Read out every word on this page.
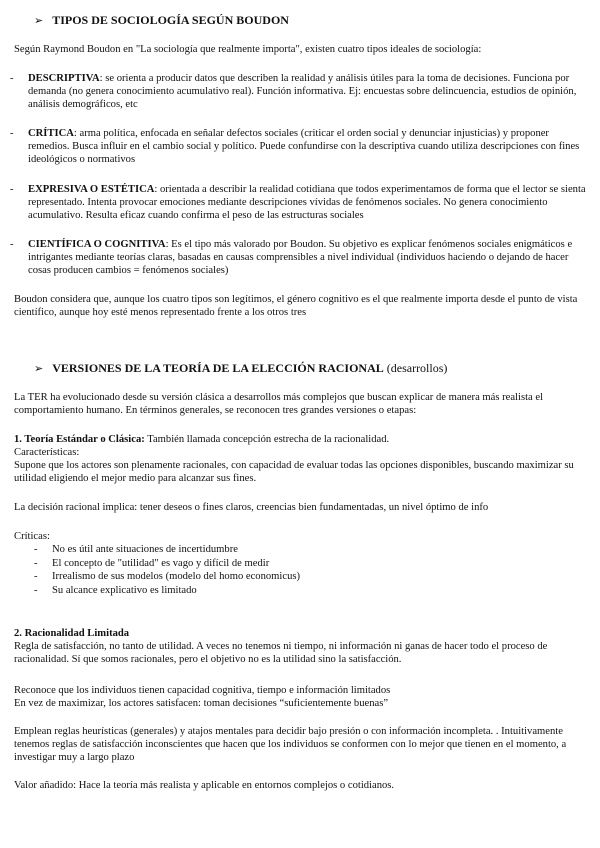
➢ TIPOS DE SOCIOLOGÍA SEGÚN BOUDON
Según Raymond Boudon en "La sociología que realmente importa", existen cuatro tipos ideales de sociología:
- DESCRIPTIVA: se orienta a producir datos que describen la realidad y análisis útiles para la toma de decisiones. Funciona por demanda (no genera conocimiento acumulativo real). Función informativa. Ej: encuestas sobre delincuencia, estudios de opinión, análisis demográficos, etc
- CRÍTICA: arma política, enfocada en señalar defectos sociales (criticar el orden social y denunciar injusticias) y proponer remedios. Busca influir en el cambio social y político. Puede confundirse con la descriptiva cuando utiliza descripciones con fines ideológicos o normativos
- EXPRESIVA O ESTÉTICA: orientada a describir la realidad cotidiana que todos experimentamos de forma que el lector se sienta representado. Intenta provocar emociones mediante descripciones vívidas de fenómenos sociales. No genera conocimiento acumulativo. Resulta eficaz cuando confirma el peso de las estructuras sociales
- CIENTÍFICA O COGNITIVA: Es el tipo más valorado por Boudon. Su objetivo es explicar fenómenos sociales enigmáticos e intrigantes mediante teorías claras, basadas en causas comprensibles a nivel individual (individuos haciendo o dejando de hacer cosas producen cambios = fenómenos sociales)
Boudon considera que, aunque los cuatro tipos son legítimos, el género cognitivo es el que realmente importa desde el punto de vista científico, aunque hoy esté menos representado frente a los otros tres
➢ VERSIONES DE LA TEORÍA DE LA ELECCIÓN RACIONAL (desarrollos)
La TER ha evolucionado desde su versión clásica a desarrollos más complejos que buscan explicar de manera más realista el comportamiento humano. En términos generales, se reconocen tres grandes versiones o etapas:
1. Teoría Estándar o Clásica: También llamada concepción estrecha de la racionalidad.
Características:
Supone que los actores son plenamente racionales, con capacidad de evaluar todas las opciones disponibles, buscando maximizar su utilidad eligiendo el mejor medio para alcanzar sus fines.
La decisión racional implica: tener deseos o fines claros, creencias bien fundamentadas, un nivel óptimo de info
Críticas:
- No es útil ante situaciones de incertidumbre
- El concepto de "utilidad" es vago y difícil de medir
- Irrealismo de sus modelos (modelo del homo economicus)
- Su alcance explicativo es limitado
2. Racionalidad Limitada
Regla de satisfacción, no tanto de utilidad. A veces no tenemos ni tiempo, ni información ni ganas de hacer todo el proceso de racionalidad. Sí que somos racionales, pero el objetivo no es la utilidad sino la satisfacción.
Reconoce que los individuos tienen capacidad cognitiva, tiempo e información limitados
En vez de maximizar, los actores satisfacen: toman decisiones “suficientemente buenas”
Emplean reglas heurísticas (generales) y atajos mentales para decidir bajo presión o con información incompleta. . Intuitivamente tenemos reglas de satisfacción inconscientes que hacen que los individuos se conformen con lo mejor que tienen en el momento, a investigar muy a largo plazo
Valor añadido: Hace la teoría más realista y aplicable en entornos complejos o cotidianos.
